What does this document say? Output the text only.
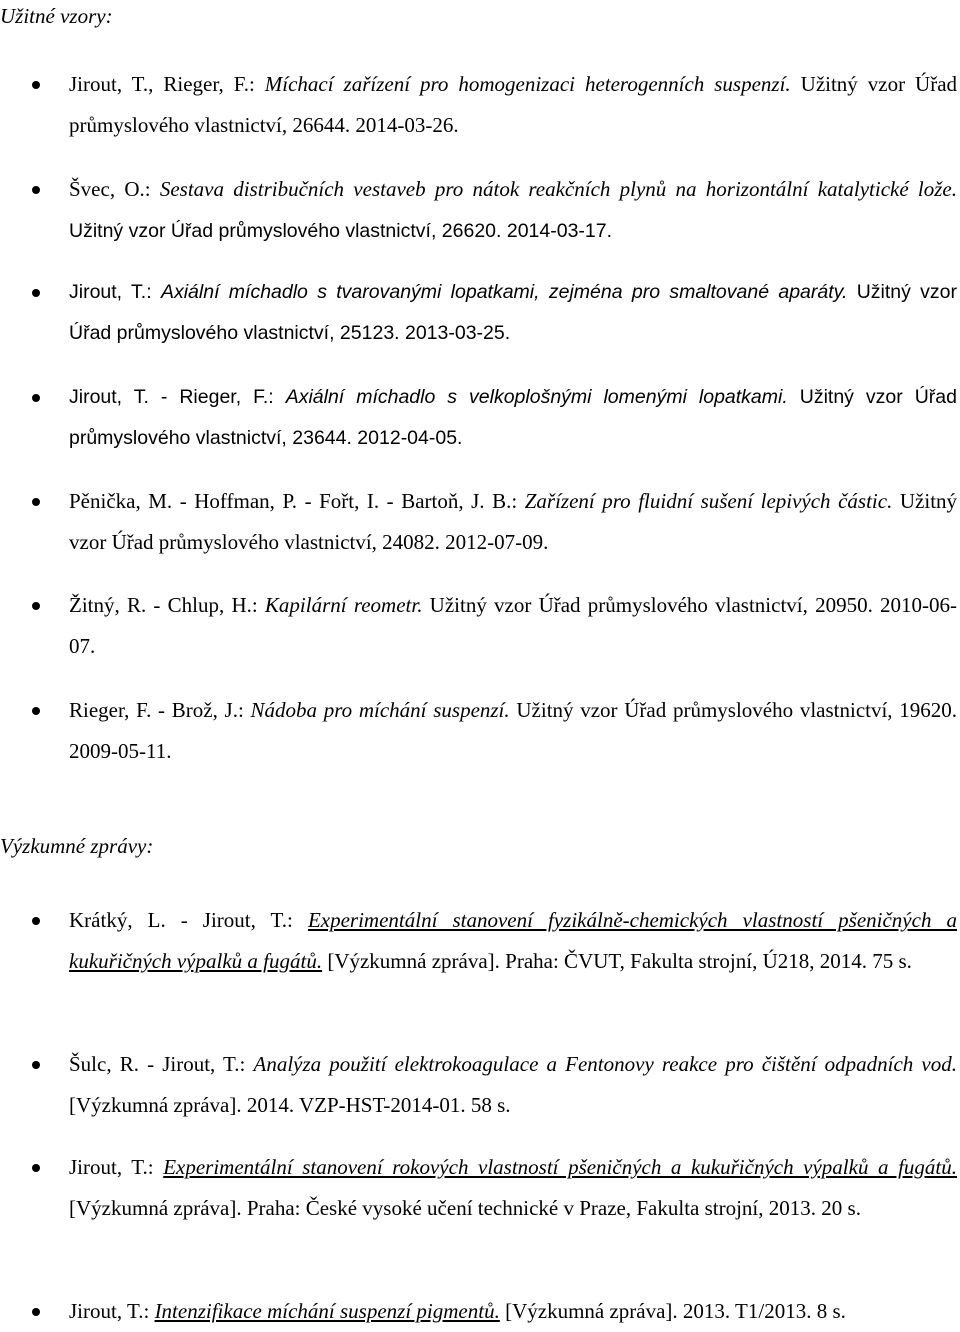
Užitné vzory:
Jirout, T., Rieger, F.: Míchací zařízení pro homogenizaci heterogenních suspenzí. Užitný vzor Úřad průmyslového vlastnictví, 26644. 2014-03-26.
Švec, O.: Sestava distribučních vestaveb pro nátok reakčních plynů na horizontální katalytické lože. Užitný vzor Úřad průmyslového vlastnictví, 26620. 2014-03-17.
Jirout, T.: Axiální míchadlo s tvarovanými lopatkami, zejména pro smaltované aparáty. Užitný vzor Úřad průmyslového vlastnictví, 25123. 2013-03-25.
Jirout, T. - Rieger, F.: Axiální míchadlo s velkoplošnými lomenými lopatkami. Užitný vzor Úřad průmyslového vlastnictví, 23644. 2012-04-05.
Pěnička, M. - Hoffman, P. - Fořt, I. - Bartoň, J. B.: Zařízení pro fluidní sušení lepivých částic. Užitný vzor Úřad průmyslového vlastnictví, 24082. 2012-07-09.
Žitný, R. - Chlup, H.: Kapilární reometr. Užitný vzor Úřad průmyslového vlastnictví, 20950. 2010-06-07.
Rieger, F. - Brož, J.: Nádoba pro míchání suspenzí. Užitný vzor Úřad průmyslového vlastnictví, 19620. 2009-05-11.
Výzkumné zprávy:
Krátký, L. - Jirout, T.: Experimentální stanovení fyzikálně-chemických vlastností pšeničných a kukuřičných výpalků a fugátů. [Výzkumná zpráva]. Praha: ČVUT, Fakulta strojní, Ú218, 2014. 75 s.
Šulc, R. - Jirout, T.: Analýza použití elektrokoagulace a Fentonovy reakce pro čištění odpadních vod. [Výzkumná zpráva]. 2014. VZP-HST-2014-01. 58 s.
Jirout, T.: Experimentální stanovení rokových vlastností pšeničných a kukuřičných výpalků a fugátů. [Výzkumná zpráva]. Praha: České vysoké učení technické v Praze, Fakulta strojní, 2013. 20 s.
Jirout, T.: Intenzifikace míchání suspenzí pigmentů. [Výzkumná zpráva]. 2013. T1/2013. 8 s.
